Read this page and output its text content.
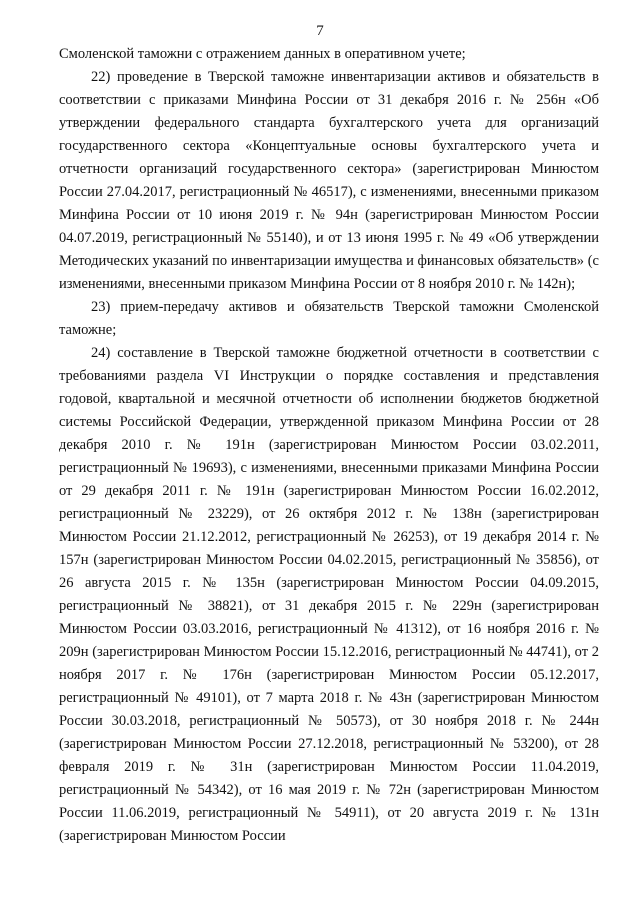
7

Смоленской таможни с отражением данных в оперативном учете;

22) проведение в Тверской таможне инвентаризации активов и обязательств в соответствии с приказами Минфина России от 31 декабря 2016 г. № 256н «Об утверждении федерального стандарта бухгалтерского учета для организаций государственного сектора «Концептуальные основы бухгалтерского учета и отчетности организаций государственного сектора» (зарегистрирован Минюстом России 27.04.2017, регистрационный № 46517), с изменениями, внесенными приказом Минфина России от 10 июня 2019 г. № 94н (зарегистрирован Минюстом России 04.07.2019, регистрационный № 55140), и от 13 июня 1995 г. № 49 «Об утверждении Методических указаний по инвентаризации имущества и финансовых обязательств» (с изменениями, внесенными приказом Минфина России от 8 ноября 2010 г. № 142н);

23) прием-передачу активов и обязательств Тверской таможни Смоленской таможне;

24) составление в Тверской таможне бюджетной отчетности в соответствии с требованиями раздела VI Инструкции о порядке составления и представления годовой, квартальной и месячной отчетности об исполнении бюджетов бюджетной системы Российской Федерации, утвержденной приказом Минфина России от 28 декабря 2010 г. № 191н (зарегистрирован Минюстом России 03.02.2011, регистрационный № 19693), с изменениями, внесенными приказами Минфина России от 29 декабря 2011 г. № 191н (зарегистрирован Минюстом России 16.02.2012, регистрационный № 23229), от 26 октября 2012 г. № 138н (зарегистрирован Минюстом России 21.12.2012, регистрационный № 26253), от 19 декабря 2014 г. № 157н (зарегистрирован Минюстом России 04.02.2015, регистрационный № 35856), от 26 августа 2015 г. № 135н (зарегистрирован Минюстом России 04.09.2015, регистрационный № 38821), от 31 декабря 2015 г. № 229н (зарегистрирован Минюстом России 03.03.2016, регистрационный № 41312), от 16 ноября 2016 г. № 209н (зарегистрирован Минюстом России 15.12.2016, регистрационный № 44741), от 2 ноября 2017 г. № 176н (зарегистрирован Минюстом России 05.12.2017, регистрационный № 49101), от 7 марта 2018 г. № 43н (зарегистрирован Минюстом России 30.03.2018, регистрационный № 50573), от 30 ноября 2018 г. № 244н (зарегистрирован Минюстом России 27.12.2018, регистрационный № 53200), от 28 февраля 2019 г. № 31н (зарегистрирован Минюстом России 11.04.2019, регистрационный № 54342), от 16 мая 2019 г. № 72н (зарегистрирован Минюстом России 11.06.2019, регистрационный № 54911), от 20 августа 2019 г. № 131н (зарегистрирован Минюстом России
